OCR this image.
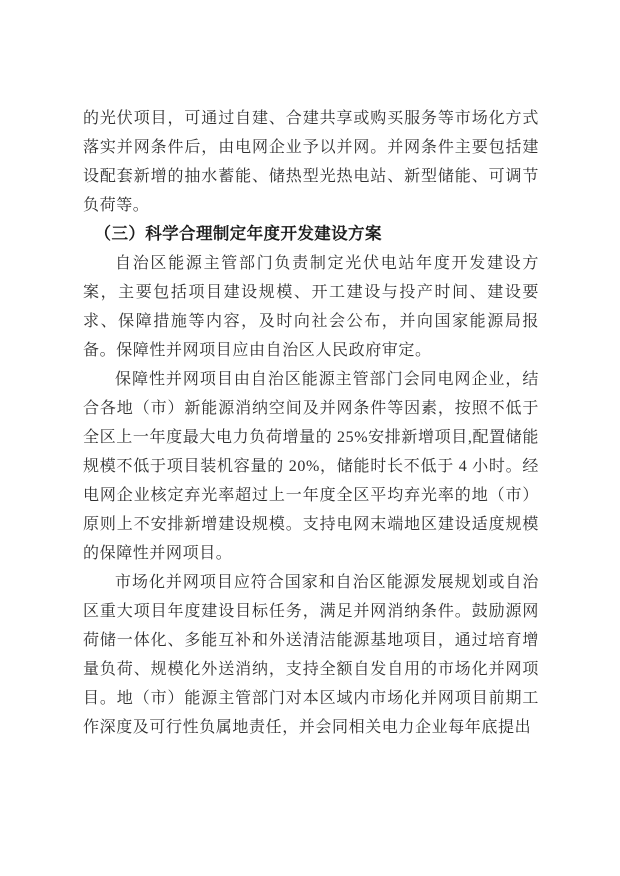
的光伏项目，可通过自建、合建共享或购买服务等市场化方式落实并网条件后，由电网企业予以并网。并网条件主要包括建设配套新增的抽水蓄能、储热型光热电站、新型储能、可调节负荷等。

（三）科学合理制定年度开发建设方案

自治区能源主管部门负责制定光伏电站年度开发建设方案，主要包括项目建设规模、开工建设与投产时间、建设要求、保障措施等内容，及时向社会公布，并向国家能源局报备。保障性并网项目应由自治区人民政府审定。

保障性并网项目由自治区能源主管部门会同电网企业，结合各地（市）新能源消纳空间及并网条件等因素，按照不低于全区上一年度最大电力负荷增量的 25%安排新增项目,配置储能规模不低于项目装机容量的 20%，储能时长不低于 4 小时。经电网企业核定弃光率超过上一年度全区平均弃光率的地（市）原则上不安排新增建设规模。支持电网末端地区建设适度规模的保障性并网项目。

市场化并网项目应符合国家和自治区能源发展规划或自治区重大项目年度建设目标任务，满足并网消纳条件。鼓励源网荷储一体化、多能互补和外送清洁能源基地项目，通过培育增量负荷、规模化外送消纳，支持全额自发自用的市场化并网项目。地（市）能源主管部门对本区域内市场化并网项目前期工作深度及可行性负属地责任，并会同相关电力企业每年底提出
